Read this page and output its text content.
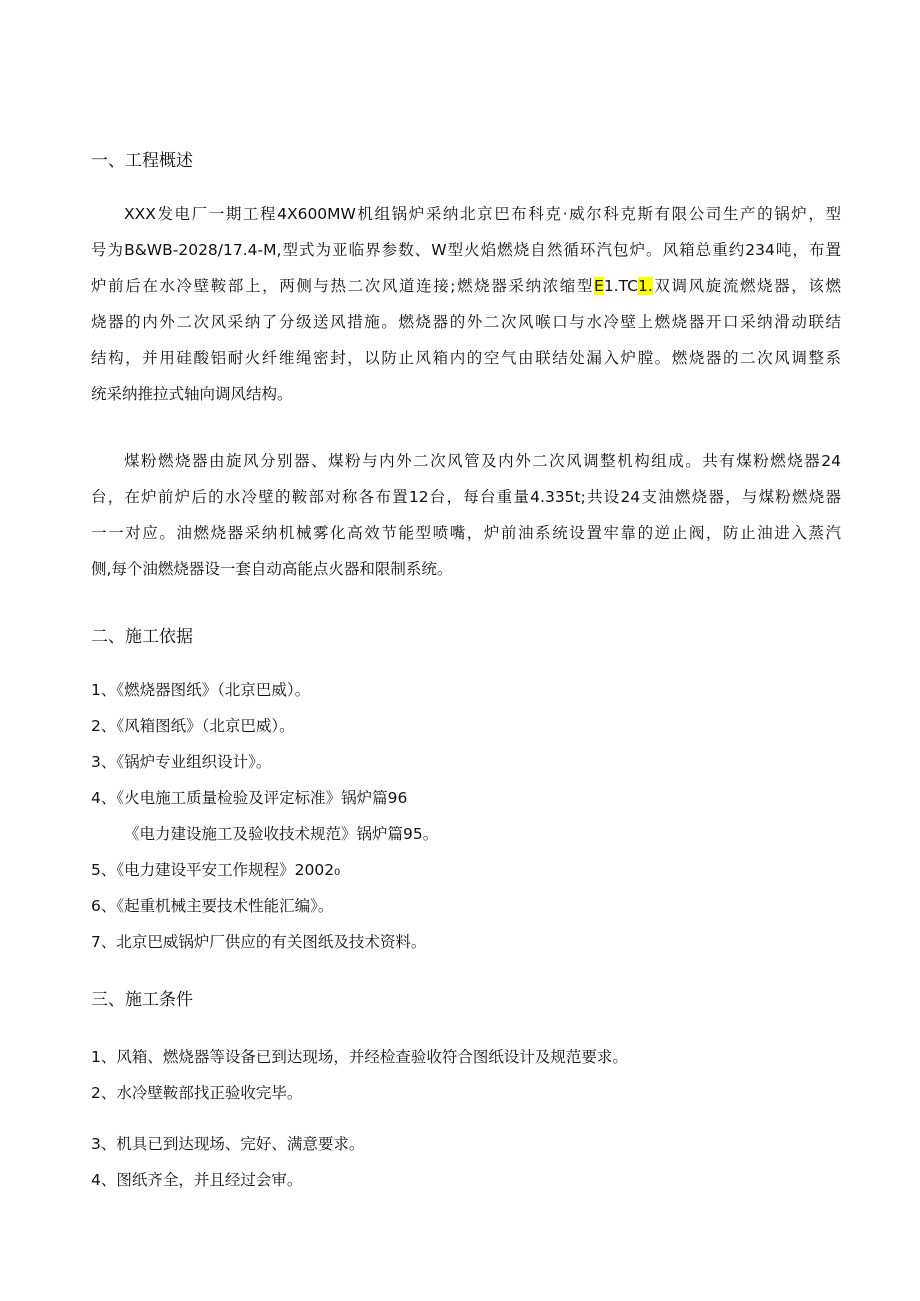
一、工程概述
XXX发电厂一期工程4X600MW机组锅炉采纳北京巴布科克·威尔科克斯有限公司生产的锅炉，型
号为B&WB-2028/17.4-M,型式为亚临界参数、W型火焰燃烧自然循环汽包炉。风箱总重约234吨，布置
炉前后在水冷壁鞍部上，两侧与热二次风道连接;燃烧器采纳浓缩型E1.TC1.双调风旋流燃烧器，该燃
烧器的内外二次风采纳了分级送风措施。燃烧器的外二次风喉口与水冷壁上燃烧器开口采纳滑动联结
结构，并用硅酸铝耐火纤维绳密封，以防止风箱内的空气由联结处漏入炉膛。燃烧器的二次风调整系
统采纳推拉式轴向调风结构。
煤粉燃烧器由旋风分别器、煤粉与内外二次风管及内外二次风调整机构组成。共有煤粉燃烧器24
台，在炉前炉后的水冷壁的鞍部对称各布置12台，每台重量4.335t;共设24支油燃烧器，与煤粉燃烧器
一一对应。油燃烧器采纳机械雾化高效节能型喷嘴，炉前油系统设置牢靠的逆止阀，防止油进入蒸汽
侧,每个油燃烧器设一套自动高能点火器和限制系统。
二、施工依据
1、《燃烧器图纸》（北京巴威）。
2、《风箱图纸》（北京巴威）。
3、《锅炉专业组织设计》。
4、《火电施工质量检验及评定标准》锅炉篇96
《电力建设施工及验收技术规范》锅炉篇95。
5、《电力建设平安工作规程》2002₀
6、《起重机械主要技术性能汇编》。
7、北京巴威锅炉厂供应的有关图纸及技术资料。
三、施工条件
1、风箱、燃烧器等设备已到达现场，并经检查验收符合图纸设计及规范要求。
2、水冷壁鞍部找正验收完毕。
3、机具已到达现场、完好、满意要求。
4、图纸齐全，并且经过会审。
